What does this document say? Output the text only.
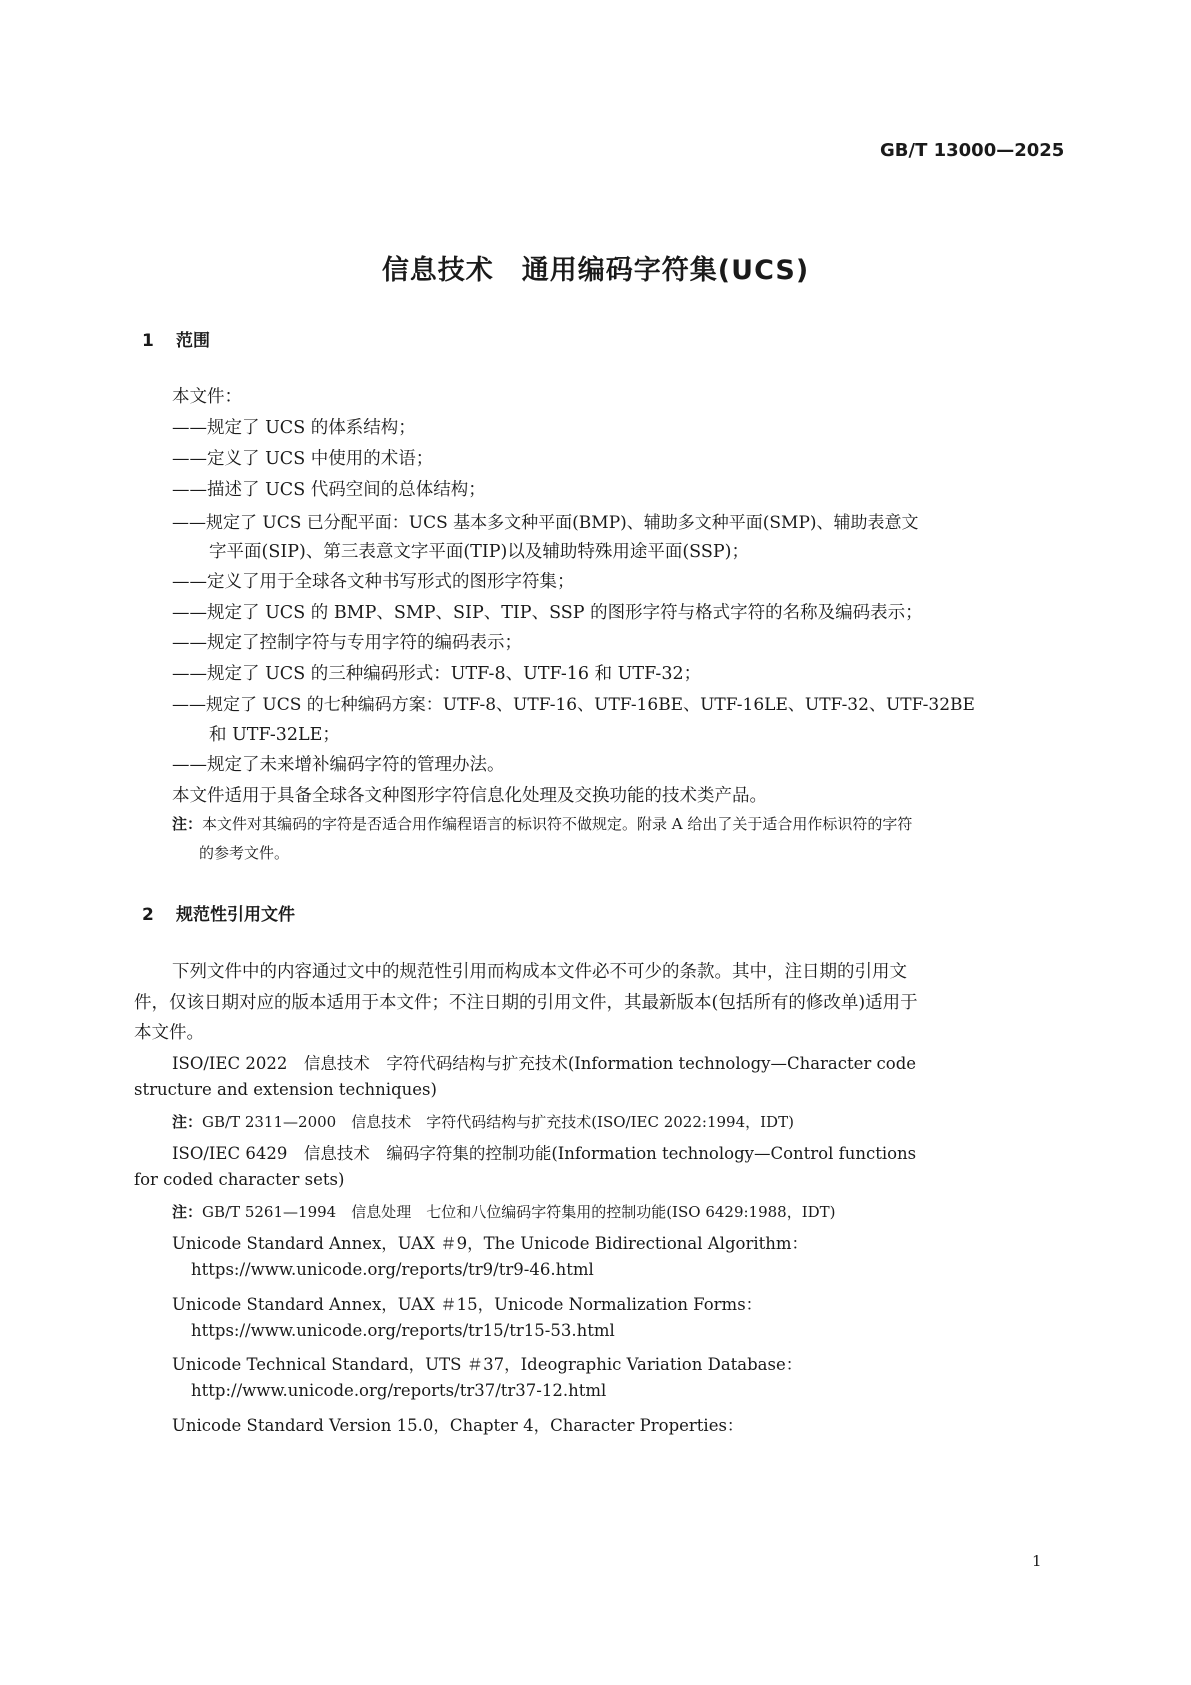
GB/T 13000—2025
信息技术　通用编码字符集(UCS)
1 范围
本文件：
——规定了 UCS 的体系结构；
——定义了 UCS 中使用的术语；
——描述了 UCS 代码空间的总体结构；
——规定了 UCS 已分配平面：UCS 基本多文种平面(BMP)、辅助多文种平面(SMP)、辅助表意文
字平面(SIP)、第三表意文字平面(TIP)以及辅助特殊用途平面(SSP)；
——定义了用于全球各文种书写形式的图形字符集；
——规定了 UCS 的 BMP、SMP、SIP、TIP、SSP 的图形字符与格式字符的名称及编码表示；
——规定了控制字符与专用字符的编码表示；
——规定了 UCS 的三种编码形式：UTF-8、UTF-16 和 UTF-32；
——规定了 UCS 的七种编码方案：UTF-8、UTF-16、UTF-16BE、UTF-16LE、UTF-32、UTF-32BE
和 UTF-32LE；
——规定了未来增补编码字符的管理办法。
本文件适用于具备全球各文种图形字符信息化处理及交换功能的技术类产品。
注：本文件对其编码的字符是否适合用作编程语言的标识符不做规定。附录 A 给出了关于适合用作标识符的字符
的参考文件。
2 规范性引用文件
下列文件中的内容通过文中的规范性引用而构成本文件必不可少的条款。其中，注日期的引用文
件，仅该日期对应的版本适用于本文件；不注日期的引用文件，其最新版本(包括所有的修改单)适用于
本文件。
ISO/IEC 2022　信息技术　字符代码结构与扩充技术(Information technology—Character code
structure and extension techniques)
注：GB/T 2311—2000　信息技术　字符代码结构与扩充技术(ISO/IEC 2022:1994，IDT)
ISO/IEC 6429　信息技术　编码字符集的控制功能(Information technology—Control functions
for coded character sets)
注：GB/T 5261—1994　信息处理　七位和八位编码字符集用的控制功能(ISO 6429:1988，IDT)
Unicode Standard Annex，UAX ＃9，The Unicode Bidirectional Algorithm：
https://www.unicode.org/reports/tr9/tr9-46.html
Unicode Standard Annex，UAX ＃15，Unicode Normalization Forms：
https://www.unicode.org/reports/tr15/tr15-53.html
Unicode Technical Standard，UTS ＃37，Ideographic Variation Database：
http://www.unicode.org/reports/tr37/tr37-12.html
Unicode Standard Version 15.0，Chapter 4，Character Properties：
1
